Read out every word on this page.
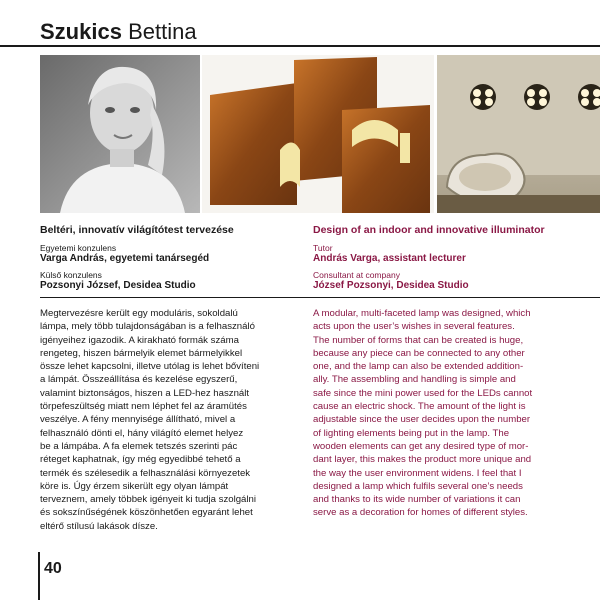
Szukics Bettina
Beltéri, innovatív világítótest tervezése
Egyetemi konzulens
Varga András, egyetemi tanársegéd
Külső konzulens
Pozsonyi József, Desidea Studio
Design of an indoor and innovative illuminator
Tutor
András Varga, assistant lecturer
Consultant at company
József Pozsonyi, Desidea Studio
Megtervezésre került egy moduláris, sokoldalú
lámpa, mely több tulajdonságában is a felhasználó
igényeihez igazodik. A kirakható formák száma
rengeteg, hiszen bármelyik elemet bármelyikkel
össze lehet kapcsolni, illetve utólag is lehet bővíteni
a lámpát. Összeállítása és kezelése egyszerű,
valamint biztonságos, hiszen a LED-hez használt
törpefeszültség miatt nem léphet fel az áramütés
veszélye. A fény mennyisége állítható, mivel a
felhasználó dönti el, hány világító elemet helyez
be a lámpába. A fa elemek tetszés szerinti pác
réteget kaphatnak, így még egyedibbé tehető a
termék és szélesedik a felhasználási környezetek
köre is. Úgy érzem sikerült egy olyan lámpát
terveznem, amely többek igényeit ki tudja szolgálni
és sokszínűségének köszönhetően egyaránt lehet
eltérő stílusú lakások dísze.
A modular, multi-faceted lamp was designed, which
acts upon the user’s wishes in several features.
The number of forms that can be created is huge,
because any piece can be connected to any other
one, and the lamp can also be extended addition-
ally. The assembling and handling is simple and
safe since the mini power used for the LEDs cannot
cause an electric shock. The amount of the light is
adjustable since the user decides upon the number
of lighting elements being put in the lamp. The
wooden elements can get any desired type of mor-
dant layer, this makes the product more unique and
the way the user environment widens. I feel that I
designed a lamp which fulfils several one’s needs
and thanks to its wide number of variations it can
serve as a decoration for homes of different styles.
40
